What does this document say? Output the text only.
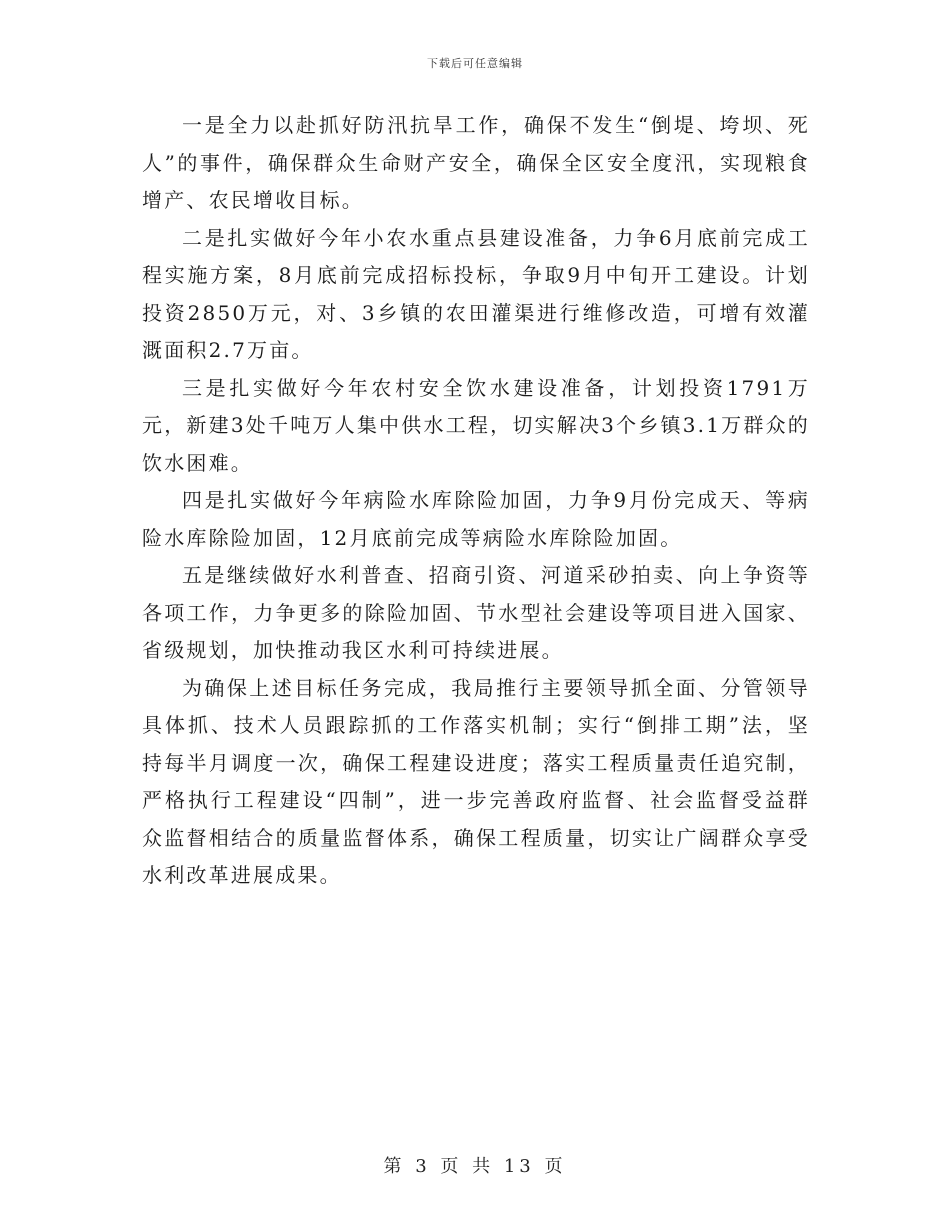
下载后可任意编辑

一是全力以赴抓好防汛抗旱工作，确保不发生“倒堤、垮坝、死人”的事件，确保群众生命财产安全，确保全区安全度汛，实现粮食增产、农民增收目标。

二是扎实做好今年小农水重点县建设准备，力争6月底前完成工程实施方案，8月底前完成招标投标，争取9月中旬开工建设。计划投资2850万元，对、3乡镇的农田灌渠进行维修改造，可增有效灌溉面积2.7万亩。

三是扎实做好今年农村安全饮水建设准备，计划投资1791万元，新建3处千吨万人集中供水工程，切实解决3个乡镇3.1万群众的饮水困难。

四是扎实做好今年病险水库除险加固，力争9月份完成天、等病险水库除险加固，12月底前完成等病险水库除险加固。

五是继续做好水利普查、招商引资、河道采砂拍卖、向上争资等各项工作，力争更多的除险加固、节水型社会建设等项目进入国家、省级规划，加快推动我区水利可持续进展。

为确保上述目标任务完成，我局推行主要领导抓全面、分管领导具体抓、技术人员跟踪抓的工作落实机制；实行“倒排工期”法，坚持每半月调度一次，确保工程建设进度；落实工程质量责任追究制，严格执行工程建设“四制”，进一步完善政府监督、社会监督受益群众监督相结合的质量监督体系，确保工程质量，切实让广阔群众享受水利改革进展成果。

第 3 页 共 13 页
